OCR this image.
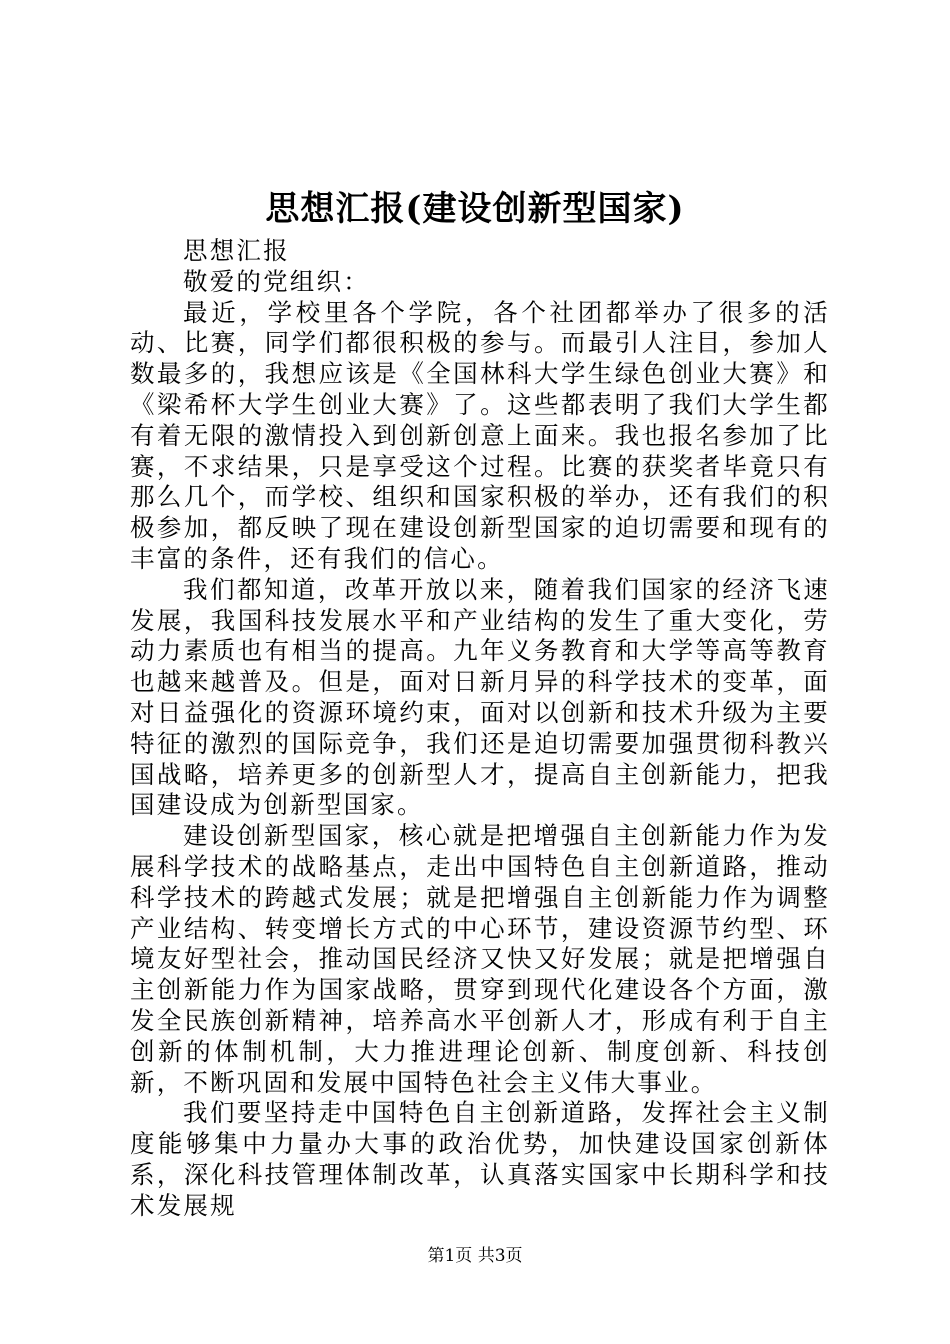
思想汇报(建设创新型国家)

思想汇报

敬爱的党组织：

最近，学校里各个学院，各个社团都举办了很多的活动、比赛，同学们都很积极的参与。而最引人注目，参加人数最多的，我想应该是《全国林科大学生绿色创业大赛》和《梁希杯大学生创业大赛》了。这些都表明了我们大学生都有着无限的激情投入到创新创意上面来。我也报名参加了比赛，不求结果，只是享受这个过程。比赛的获奖者毕竟只有那么几个，而学校、组织和国家积极的举办，还有我们的积极参加，都反映了现在建设创新型国家的迫切需要和现有的丰富的条件，还有我们的信心。

我们都知道，改革开放以来，随着我们国家的经济飞速发展，我国科技发展水平和产业结构的发生了重大变化，劳动力素质也有相当的提高。九年义务教育和大学等高等教育也越来越普及。但是，面对日新月异的科学技术的变革，面对日益强化的资源环境约束，面对以创新和技术升级为主要特征的激烈的国际竞争，我们还是迫切需要加强贯彻科教兴国战略，培养更多的创新型人才，提高自主创新能力，把我国建设成为创新型国家。

建设创新型国家，核心就是把增强自主创新能力作为发展科学技术的战略基点，走出中国特色自主创新道路，推动科学技术的跨越式发展；就是把增强自主创新能力作为调整产业结构、转变增长方式的中心环节，建设资源节约型、环境友好型社会，推动国民经济又快又好发展；就是把增强自主创新能力作为国家战略，贯穿到现代化建设各个方面，激发全民族创新精神，培养高水平创新人才，形成有利于自主创新的体制机制，大力推进理论创新、制度创新、科技创新，不断巩固和发展中国特色社会主义伟大事业。

我们要坚持走中国特色自主创新道路，发挥社会主义制度能够集中力量办大事的政治优势，加快建设国家创新体系，深化科技管理体制改革，认真落实国家中长期科学和技术发展规

第1页 共3页
